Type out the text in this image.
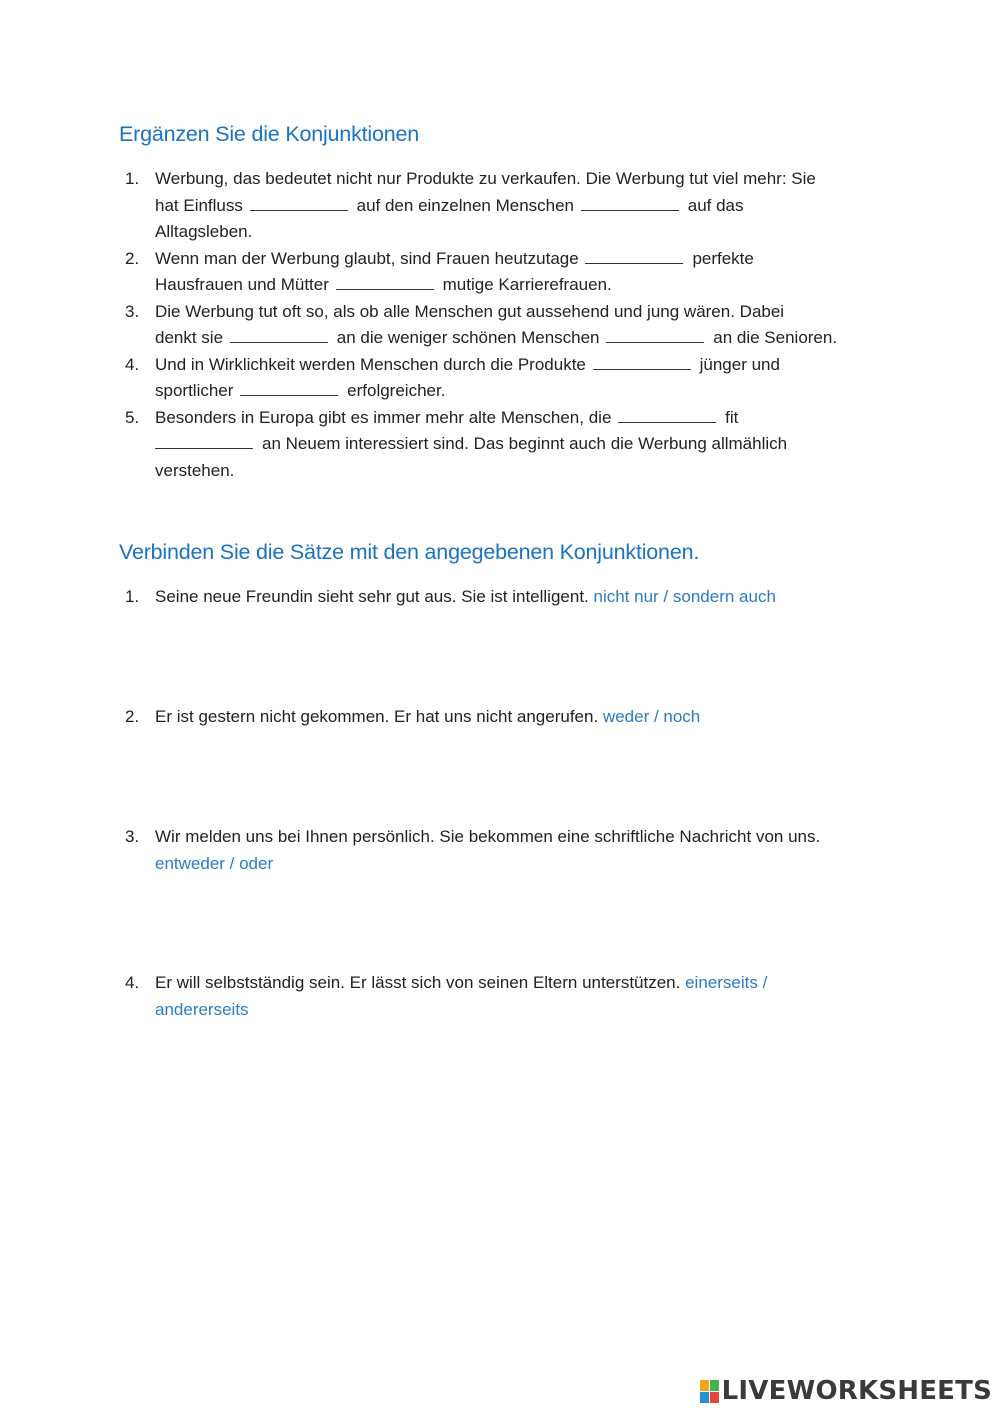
Ergänzen Sie die Konjunktionen
1. Werbung, das bedeutet nicht nur Produkte zu verkaufen. Die Werbung tut viel mehr: Sie
hat Einfluss	auf den einzelnen Menschen	auf das
Alltagsleben.
2. Wenn man der Werbung glaubt, sind Frauen heutzutage	perfekte
Hausfrauen und Mütter	mutige Karrierefrauen.
3. Die Werbung tut oft so, als ob alle Menschen gut aussehend und jung wären. Dabei
denkt sie	an die weniger schönen Menschen	an die Senioren.
4. Und in Wirklichkeit werden Menschen durch die Produkte	jünger und
sportlicher	erfolgreicher.
5. Besonders in Europa gibt es immer mehr alte Menschen, die	fit
an Neuem interessiert sind. Das beginnt auch die Werbung allmählich
verstehen.
Verbinden Sie die Sätze mit den angegebenen Konjunktionen.
1. Seine neue Freundin sieht sehr gut aus. Sie ist intelligent. nicht nur / sondern auch
2. Er ist gestern nicht gekommen. Er hat uns nicht angerufen. weder / noch
3. Wir melden uns bei Ihnen persönlich. Sie bekommen eine schriftliche Nachricht von uns.
entweder / oder
4. Er will selbstständig sein. Er lässt sich von seinen Eltern unterstützen. einerseits /
andererseits
LIVEWORKSHEETS
